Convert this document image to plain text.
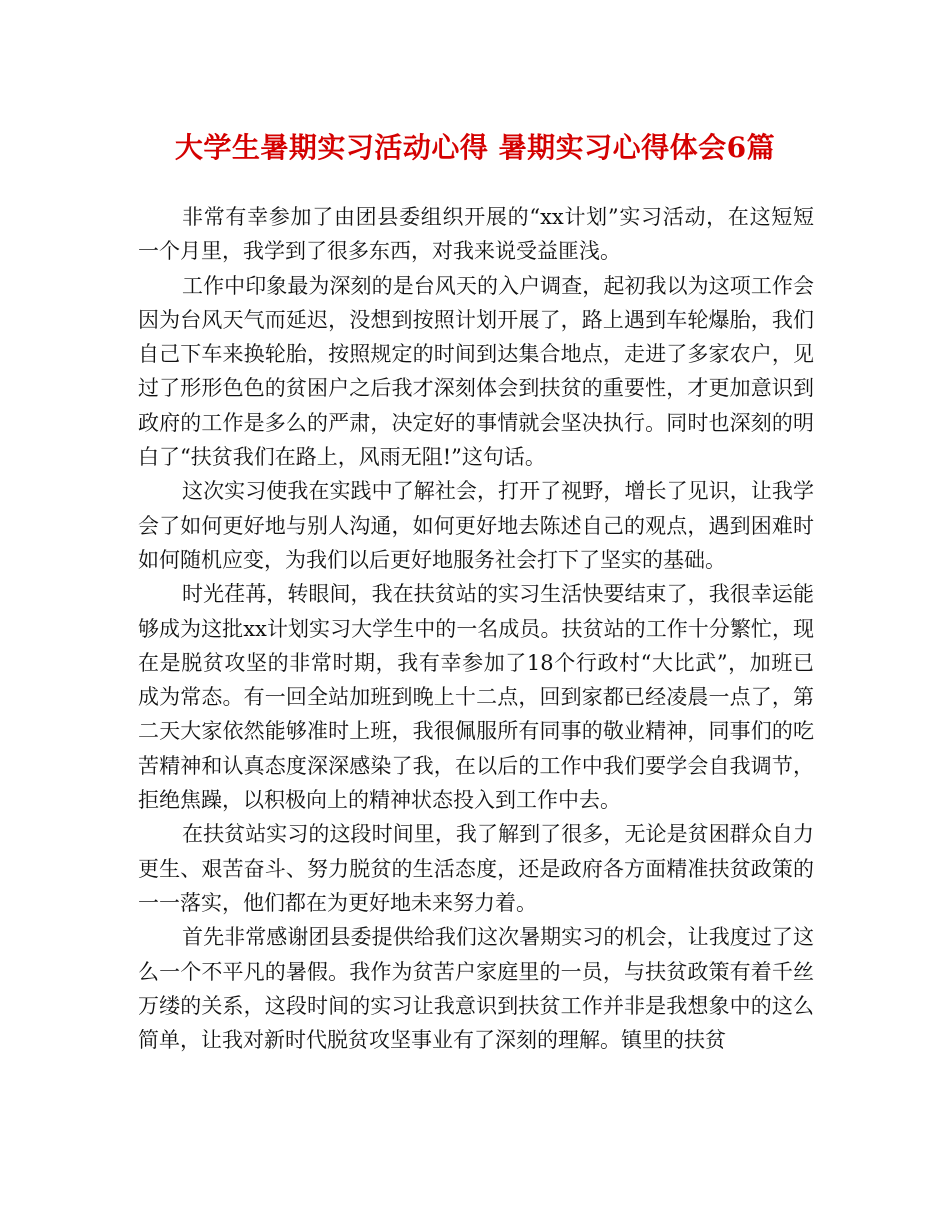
大学生暑期实习活动心得 暑期实习心得体会6篇

非常有幸参加了由团县委组织开展的“xx计划”实习活动，在这短短一个月里，我学到了很多东西，对我来说受益匪浅。

工作中印象最为深刻的是台风天的入户调查，起初我以为这项工作会因为台风天气而延迟，没想到按照计划开展了，路上遇到车轮爆胎，我们自己下车来换轮胎，按照规定的时间到达集合地点，走进了多家农户，见过了形形色色的贫困户之后我才深刻体会到扶贫的重要性，才更加意识到政府的工作是多么的严肃，决定好的事情就会坚决执行。同时也深刻的明白了“扶贫我们在路上，风雨无阻!”这句话。

这次实习使我在实践中了解社会，打开了视野，增长了见识，让我学会了如何更好地与别人沟通，如何更好地去陈述自己的观点，遇到困难时如何随机应变，为我们以后更好地服务社会打下了坚实的基础。

时光荏苒，转眼间，我在扶贫站的实习生活快要结束了，我很幸运能够成为这批xx计划实习大学生中的一名成员。扶贫站的工作十分繁忙，现在是脱贫攻坚的非常时期，我有幸参加了18个行政村“大比武”，加班已成为常态。有一回全站加班到晚上十二点，回到家都已经凌晨一点了，第二天大家依然能够准时上班，我很佩服所有同事的敬业精神，同事们的吃苦精神和认真态度深深感染了我，在以后的工作中我们要学会自我调节，拒绝焦躁，以积极向上的精神状态投入到工作中去。

在扶贫站实习的这段时间里，我了解到了很多，无论是贫困群众自力更生、艰苦奋斗、努力脱贫的生活态度，还是政府各方面精准扶贫政策的一一落实，他们都在为更好地未来努力着。

首先非常感谢团县委提供给我们这次暑期实习的机会，让我度过了这么一个不平凡的暑假。我作为贫苦户家庭里的一员，与扶贫政策有着千丝万缕的关系，这段时间的实习让我意识到扶贫工作并非是我想象中的这么简单，让我对新时代脱贫攻坚事业有了深刻的理解。镇里的扶贫
